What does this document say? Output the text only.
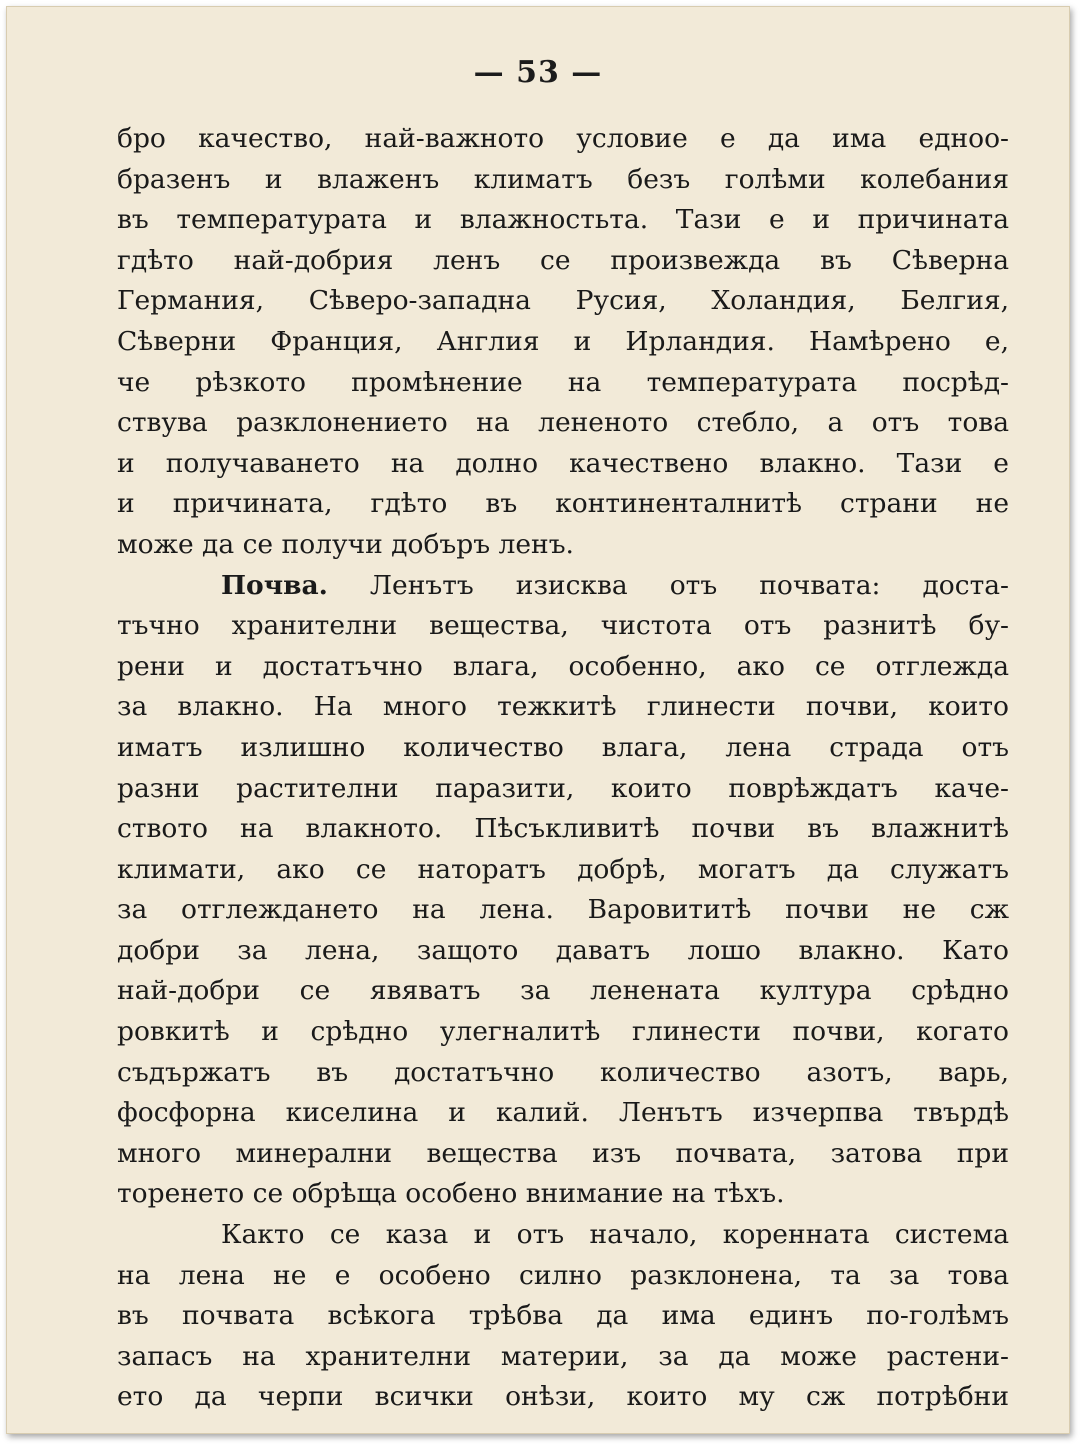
— 53 —
бро качество, най-важното условие е да има еднoo-
бразенъ и влаженъ климатъ безъ голѣми колебания
въ температурата и влажностьта. Тази е и причината
гдѣто най-добрия ленъ се произвежда въ Сѣверна
Германия, Сѣверо-западна Русия, Холандия, Белгия,
Сѣверни Франция, Англия и Ирландия. Намѣрено е,
че рѣзкото промѣнение на температурата посрѣд-
ствува разклонението на лененото стебло, а отъ това
и получаването на долно качествено влакно. Тази е
и причината, гдѣто въ континенталнитѣ страни не
може да се получи добъръ ленъ.
Почва. Ленътъ изисква отъ почвата: доста-
тъчно хранителни вещества, чистота отъ разнитѣ бу-
рени и достатъчно влага, особенно, ако се отглежда
за влакно. На много тежкитѣ глинести почви, които
иматъ излишно количество влага, лена страда отъ
разни растителни паразити, които поврѣждатъ каче-
ството на влакното. Пѣсъкливитѣ почви въ влажнитѣ
климати, ако се наторатъ добрѣ, могатъ да служатъ
за отглеждането на лена. Варовититѣ почви не сж
добри за лена, защото даватъ лошо влакно. Като
най-добри се явяватъ за ленената култура срѣдно
ровкитѣ и срѣдно улегналитѣ глинести почви, когато
съдържатъ въ достатъчно количество азотъ, варь,
фосфорна киселина и калий. Ленътъ изчерпва твърдѣ
много минерални вещества изъ почвата, затова при
торенето се обрѣща особено внимание на тѣхъ.
Както се каза и отъ начало, коренната система
на лена не е особено силно разклонена, та за това
въ почвата всѣкога трѣбва да има единъ по-голѣмъ
запасъ на хранителни материи, за да може растени-
ето да черпи всички онѣзи, които му сж потрѣбни
